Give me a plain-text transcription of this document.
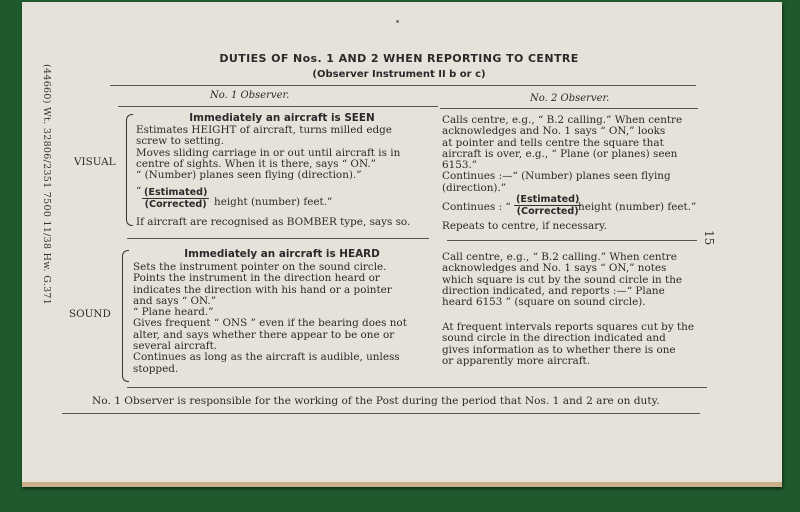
(44660) Wt. 32806/2351 7500 11/38 Hw. G.371	15
DUTIES OF Nos. 1 AND 2 WHEN REPORTING TO CENTRE
(Observer Instrument II b or c)
No. 1 Observer.	No. 2 Observer.
VISUAL
Immediately an aircraft is SEEN
Estimates HEIGHT of aircraft, turns milled edge
screw to setting.
Moves sliding carriage in or out until aircraft is in
centre of sights. When it is there, says “ ON.”
“ (Number) planes seen flying (direction).”
“ (Estimated)
(Corrected) height (number) feet.”
If aircraft are recognised as BOMBER type, says so.
Calls centre, e.g., “ B.2 calling.” When centre
acknowledges and No. 1 says “ ON,” looks
at pointer and tells centre the square that
aircraft is over, e.g., “ Plane (or planes) seen
6153.”
Continues :—“ (Number) planes seen flying
(direction).”
Continues : “
(Estimated)
(Corrected) height (number) feet.”
Repeats to centre, if necessary.
SOUND
Immediately an aircraft is HEARD
Sets the instrument pointer on the sound circle.
Points the instrument in the direction heard or
indicates the direction with his hand or a pointer
and says “ ON.”
“ Plane heard.”
Gives frequent “ ONS ” even if the bearing does not
alter, and says whether there appear to be one or
several aircraft.
Continues as long as the aircraft is audible, unless
stopped.
Call centre, e.g., “ B.2 calling.” When centre
acknowledges and No. 1 says “ ON,” notes
which square is cut by the sound circle in the
direction indicated, and reports :—“ Plane
heard 6153 ” (square on sound circle).
At frequent intervals reports squares cut by the
sound circle in the direction indicated and
gives information as to whether there is one
or apparently more aircraft.
No. 1 Observer is responsible for the working of the Post during the period that Nos. 1 and 2 are on duty.
